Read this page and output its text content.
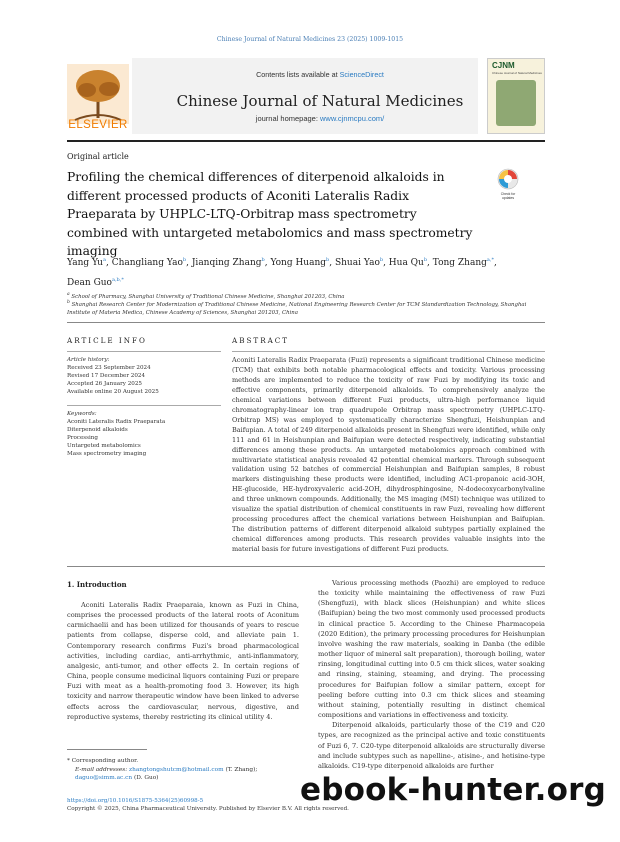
Chinese Journal of Natural Medicines 23 (2025) 1009-1015
ELSEVIER
Contents lists available at ScienceDirect
Chinese Journal of Natural Medicines
journal homepage: www.cjnmcpu.com/
CJNM
Chinese Journal of Natural Medicines
Original article
Profiling the chemical differences of diterpenoid alkaloids in different processed products of Aconiti Lateralis Radix Praeparata by UHPLC-LTQ-Orbitrap mass spectrometry combined with untargeted metabolomics and mass spectrometry imaging
Check for
updates
Yang Yu$^a$, Changliang Yao$^b$, Jianqing Zhang$^b$, Yong Huang$^b$, Shuai Yao$^b$, Hua Qu$^b$, Tong Zhang$^{a,*}$,
Dean Guo$^{a,b,*}$
$^a$ School of Pharmacy, Shanghai University of Traditional Chinese Medicine, Shanghai 201203, China
$^b$ Shanghai Research Center for Modernization of Traditional Chinese Medicine, National Engineering Research Center for TCM Standardization Technology, Shanghai Institute of Materia Medica, Chinese Academy of Sciences, Shanghai 201203, China
ARTICLE INFO
Article history:
Received 23 September 2024
Revised 17 December 2024
Accepted 26 January 2025
Available online 20 August 2025
Keywords:
Aconiti Lateralis Radix Praeparata
Diterpenoid alkaloids
Processing
Untargeted metabolomics
Mass spectrometry imaging
ABSTRACT
Aconiti Lateralis Radix Praeparata (Fuzi) represents a significant traditional Chinese medicine (TCM) that exhibits both notable pharmacological effects and toxicity. Various processing methods are implemented to reduce the toxicity of raw Fuzi by modifying its toxic and effective components, primarily diterpenoid alkaloids. To comprehensively analyze the chemical variations between different Fuzi products, ultra-high performance liquid chromatography-linear ion trap quadrupole Orbitrap mass spectrometry (UHPLC-LTQ-Orbitrap MS) was employed to systematically characterize Shengfuzi, Heishunpian and Baifupian. A total of 249 diterpenoid alkaloids present in Shengfuzi were identified, while only 111 and 61 in Heishunpian and Baifupian were detected respectively, indicating substantial differences among these products. An untargeted metabolomics approach combined with multivariate statistical analysis revealed 42 potential chemical markers. Through subsequent validation using 52 batches of commercial Heishunpian and Baifupian samples, 8 robust markers distinguishing these products were identified, including AC1-propanoic acid-3OH, HE-glucoside, HE-hydroxyvaleric acid-2OH, dihydrosphingosine, N-dodecoxycarbonylvaline and three unknown compounds. Additionally, the MS imaging (MSI) technique was utilized to visualize the spatial distribution of chemical constituents in raw Fuzi, revealing how different processing procedures affect the chemical variations between Heishunpian and Baifupian. The distribution patterns of different diterpenoid alkaloid subtypes partially explained the chemical differences among products. This research provides valuable insights into the material basis for future investigations of different Fuzi products.
1. Introduction

Aconiti Lateralis Radix Praeparaia, known as Fuzi in China, comprises the processed products of the lateral roots of Aconitum carmichaelii and has been utilized for thousands of years to rescue patients from collapse, disperse cold, and alleviate pain 1. Contemporary research confirms Fuzi's broad pharmacological activities, including cardiac, anti-arrhythmic, anti-inflammatory, analgesic, anti-tumor, and other effects 2. In certain regions of China, people consume medicinal liquors containing Fuzi or prepare Fuzi with meat as a health-promoting food 3. However, its high toxicity and narrow therapeutic window have been linked to adverse effects across the cardiovascular, nervous, digestive, and reproductive systems, thereby restricting its clinical utility 4.

Various processing methods (Paozhi) are employed to reduce the toxicity while maintaining the effectiveness of raw Fuzi (Shengfuzi), with black slices (Heishunpian) and white slices (Baifupian) being the two most commonly used processed products in clinical practice 5. According to the Chinese Pharmacopeia (2020 Edition), the primary processing procedures for Heishunpian involve washing the raw materials, soaking in Danba (the edible mother liquor of mineral salt preparation), thorough boiling, water rinsing, longitudinal cutting into 0.5 cm thick slices, water soaking and rinsing, staining, steaming, and drying. The processing procedures for Baifupian follow a similar pattern, except for peeling before cutting into 0.3 cm thick slices and steaming without staining, potentially resulting in distinct chemical compositions and variations in effectiveness and toxicity.

Diterpenoid alkaloids, particularly those of the C19 and C20 types, are recognized as the principal active and toxic constituents of Fuzi 6, 7. C20-type diterpenoid alkaloids are structurally diverse and include subtypes such as napelline-, atisine-, and hetisine-type alkaloids. C19-type diterpenoid alkaloids are further

* Corresponding author.
E-mail addresses: zhangtongshutcm@hotmail.com (T. Zhang); daguo@simm.ac.cn (D. Guo)
https://doi.org/10.1016/S1875-5364(25)60998-5
Copyright © 2025, China Pharmaceutical University. Published by Elsevier B.V. All rights reserved.
ebook-hunter.org
